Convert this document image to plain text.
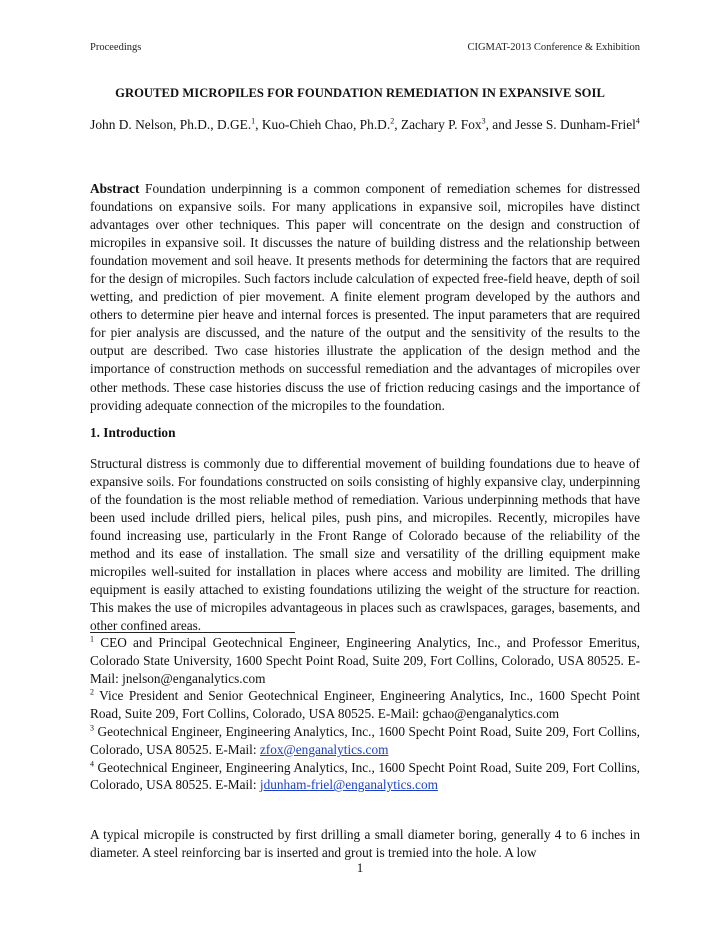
Proceedings	CIGMAT-2013 Conference & Exhibition
GROUTED MICROPILES FOR FOUNDATION REMEDIATION IN EXPANSIVE SOIL
John D. Nelson, Ph.D., D.GE.$^1$, Kuo-Chieh Chao, Ph.D.$^2$, Zachary P. Fox$^3$, and Jesse S. Dunham-Friel$^4$

Abstract Foundation underpinning is a common component of remediation schemes for distressed foundations on expansive soils. For many applications in expansive soil, micropiles have distinct advantages over other techniques. This paper will concentrate on the design and construction of micropiles in expansive soil. It discusses the nature of building distress and the relationship between foundation movement and soil heave. It presents methods for determining the factors that are required for the design of micropiles. Such factors include calculation of expected free-field heave, depth of soil wetting, and prediction of pier movement. A finite element program developed by the authors and others to determine pier heave and internal forces is presented. The input parameters that are required for pier analysis are discussed, and the nature of the output and the sensitivity of the results to the output are described. Two case histories illustrate the application of the design method and the importance of construction methods on successful remediation and the advantages of micropiles over other methods. These case histories discuss the use of friction reducing casings and the importance of providing adequate connection of the micropiles to the foundation.

1. Introduction

Structural distress is commonly due to differential movement of building foundations due to heave of expansive soils. For foundations constructed on soils consisting of highly expansive clay, underpinning of the foundation is the most reliable method of remediation. Various underpinning methods that have been used include drilled piers, helical piles, push pins, and micropiles. Recently, micropiles have found increasing use, particularly in the Front Range of Colorado because of the reliability of the method and its ease of installation. The small size and versatility of the drilling equipment make micropiles well-suited for installation in places where access and mobility are limited. The drilling equipment is easily attached to existing foundations utilizing the weight of the structure for reaction. This makes the use of micropiles advantageous in places such as crawlspaces, garages, basements, and other confined areas.

$^1$ CEO and Principal Geotechnical Engineer, Engineering Analytics, Inc., and Professor Emeritus, Colorado State University, 1600 Specht Point Road, Suite 209, Fort Collins, Colorado, USA 80525. E-Mail: jnelson@enganalytics.com

$^2$ Vice President and Senior Geotechnical Engineer, Engineering Analytics, Inc., 1600 Specht Point Road, Suite 209, Fort Collins, Colorado, USA 80525. E-Mail: gchao@enganalytics.com

$^3$ Geotechnical Engineer, Engineering Analytics, Inc., 1600 Specht Point Road, Suite 209, Fort Collins, Colorado, USA 80525. E-Mail: zfox@enganalytics.com

$^4$ Geotechnical Engineer, Engineering Analytics, Inc., 1600 Specht Point Road, Suite 209, Fort Collins, Colorado, USA 80525. E-Mail: jdunham-friel@enganalytics.com

A typical micropile is constructed by first drilling a small diameter boring, generally 4 to 6 inches in diameter. A steel reinforcing bar is inserted and grout is tremied into the hole. A low

1
